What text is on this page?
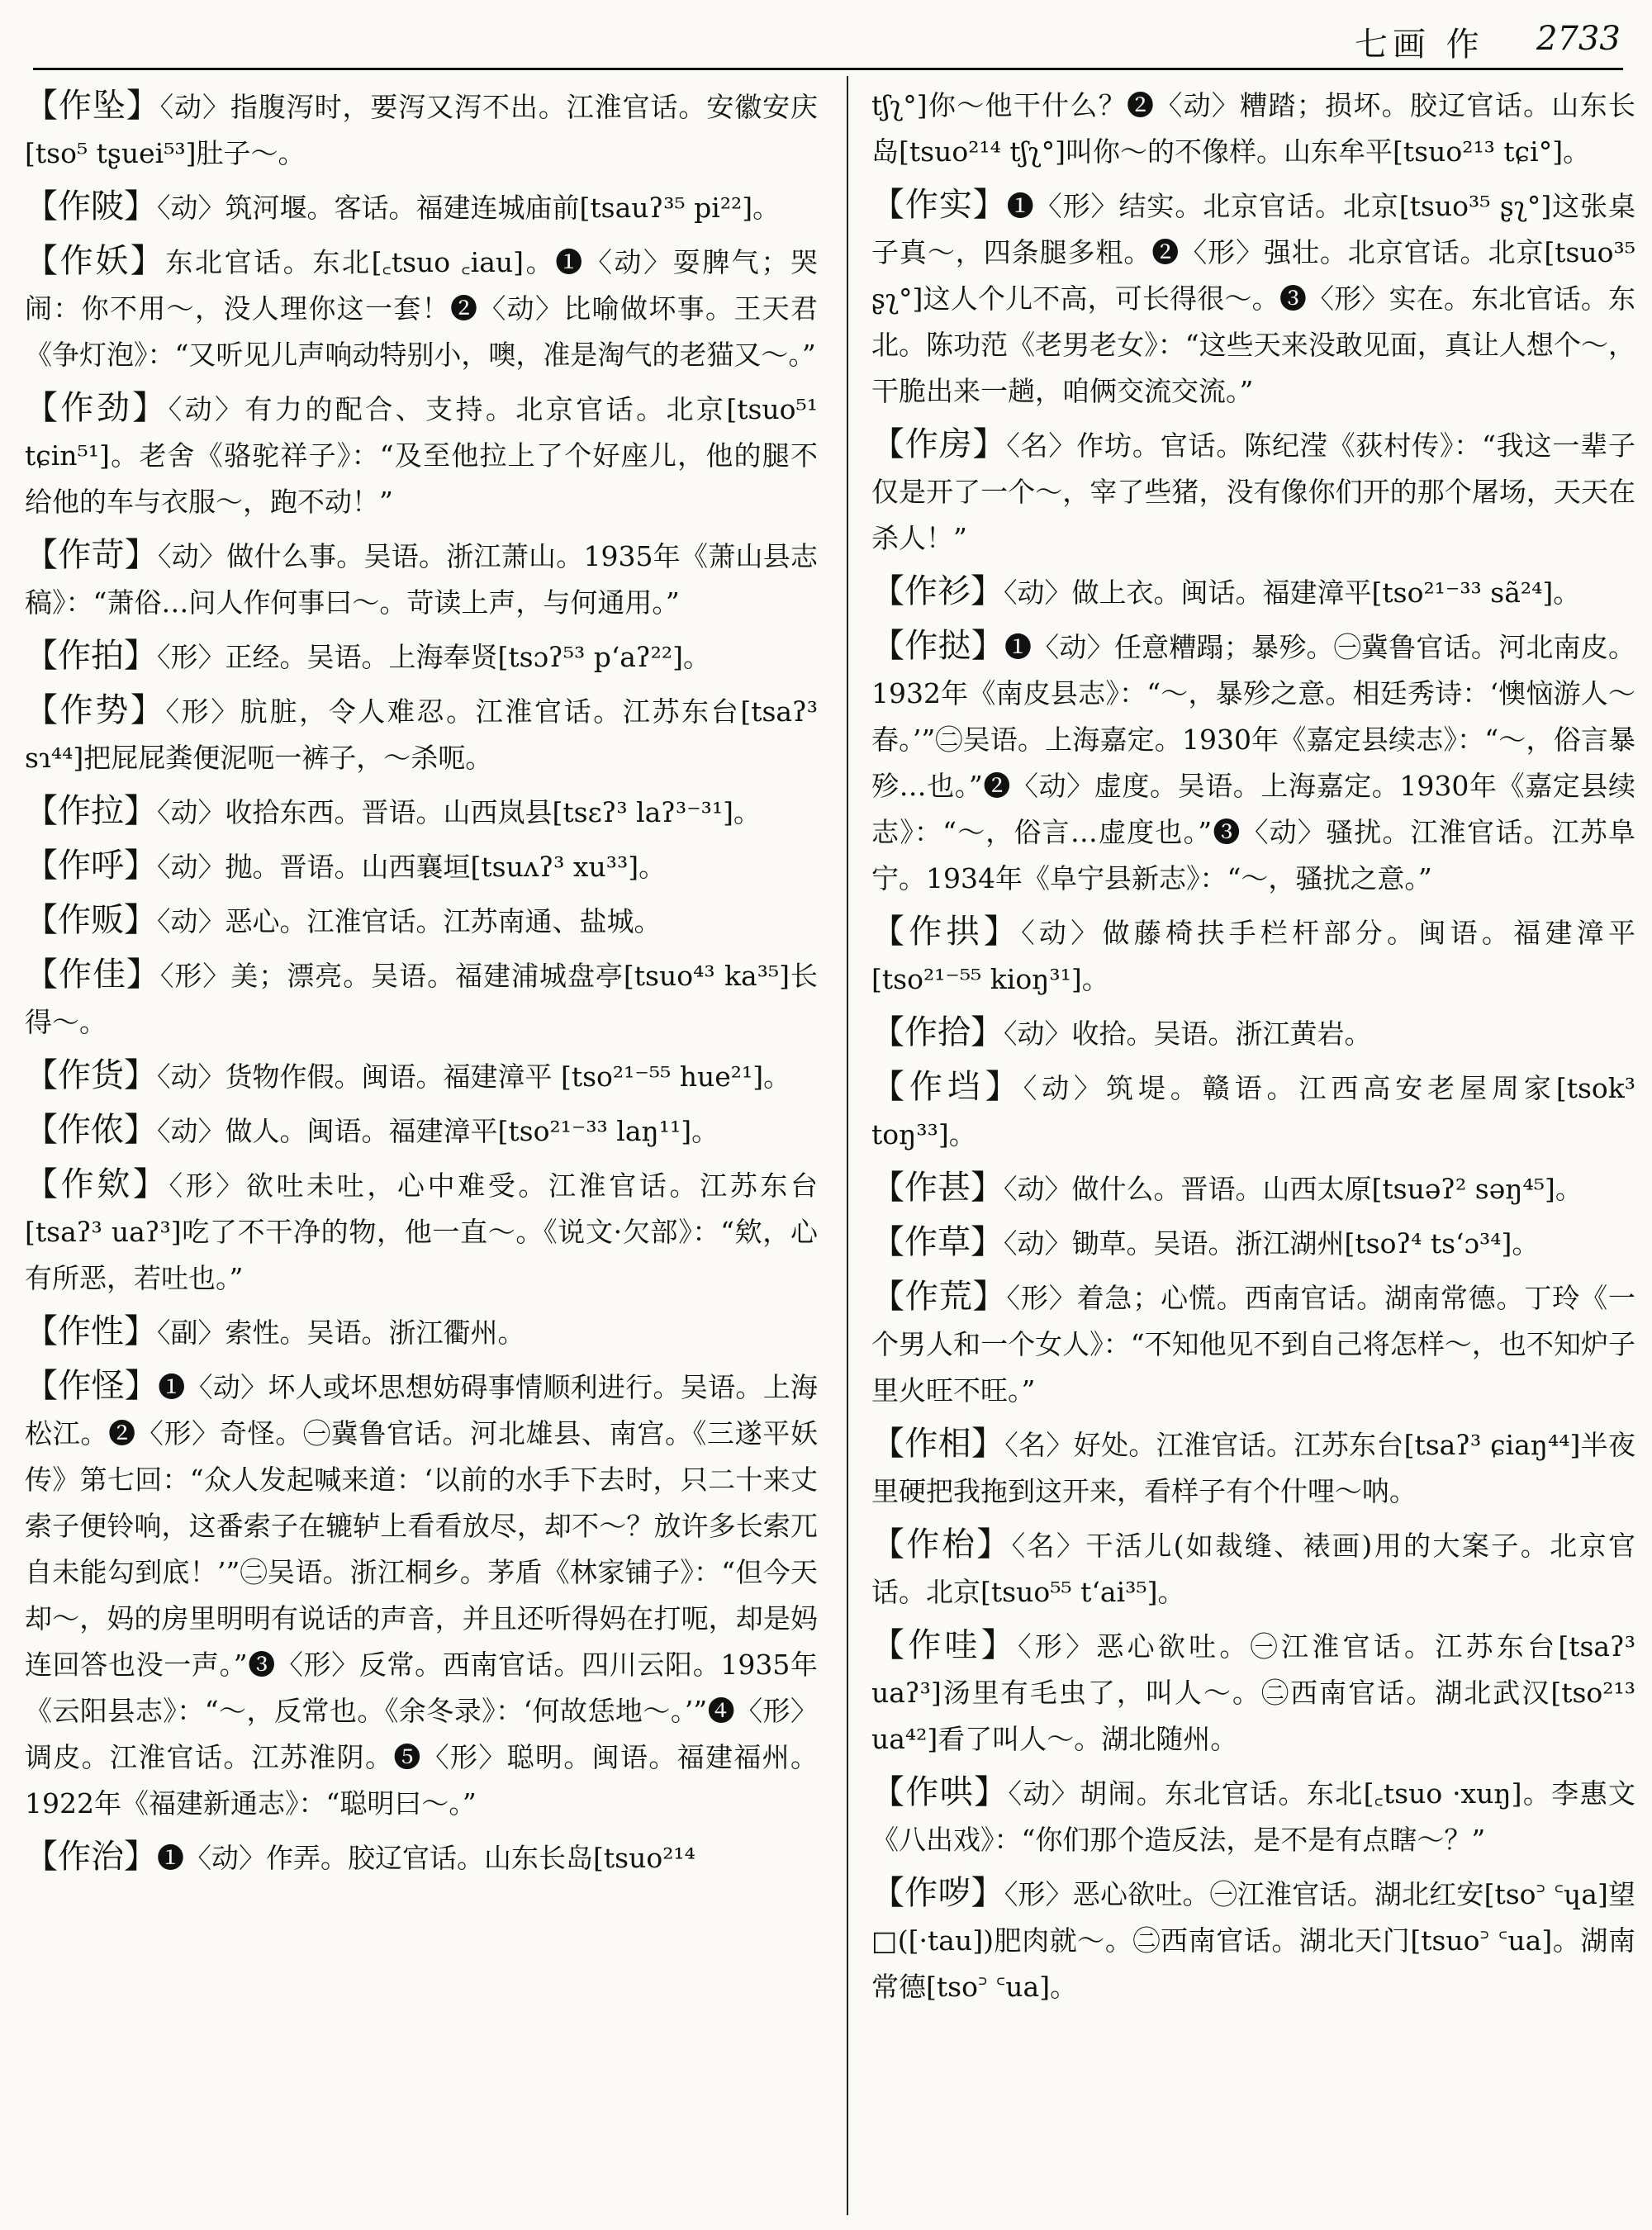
七画 作 2733
【作坠】〈动〉指腹泻时，要泻又泻不出。江淮官话。安徽安庆[tso⁵ tʂuei⁵³]肚子～。
【作陂】〈动〉筑河堰。客话。福建连城庙前[tsauʔ³⁵ pi²²]。
【作妖】东北官话。东北[꜀tsuo ꜀iau]。❶〈动〉耍脾气；哭闹：你不用～，没人理你这一套！❷〈动〉比喻做坏事。王天君《争灯泡》：“又听见儿声响动特别小，噢，准是淘气的老猫又～。”
【作劲】〈动〉有力的配合、支持。北京官话。北京[tsuo⁵¹ tɕin⁵¹]。老舍《骆驼祥子》：“及至他拉上了个好座儿，他的腿不给他的车与衣服～，跑不动！”
【作苛】〈动〉做什么事。吴语。浙江萧山。1935年《萧山县志稿》：“萧俗…问人作何事曰～。苛读上声，与何通用。”
【作拍】〈形〉正经。吴语。上海奉贤[tsɔʔ⁵³ pʻaʔ²²]。
【作势】〈形〉肮脏，令人难忍。江淮官话。江苏东台[tsaʔ³ sɿ⁴⁴]把屁屁粪便泥呃一裤子，～杀呃。
【作拉】〈动〉收拾东西。晋语。山西岚县[tsɛʔ³ laʔ³⁻³¹]。
【作呼】〈动〉抛。晋语。山西襄垣[tsuʌʔ³ xu³³]。
【作贩】〈动〉恶心。江淮官话。江苏南通、盐城。
【作佳】〈形〉美；漂亮。吴语。福建浦城盘亭[tsuo⁴³ ka³⁵]长得～。
【作货】〈动〉货物作假。闽语。福建漳平 [tso²¹⁻⁵⁵ hue²¹]。
【作侬】〈动〉做人。闽语。福建漳平[tso²¹⁻³³ laŋ¹¹]。
【作欸】〈形〉欲吐未吐，心中难受。江淮官话。江苏东台[tsaʔ³ uaʔ³]吃了不干净的物，他一直～。《说文·欠部》：“欸，心有所恶，若吐也。”
【作性】〈副〉索性。吴语。浙江衢州。
【作怪】❶〈动〉坏人或坏思想妨碍事情顺利进行。吴语。上海松江。❷〈形〉奇怪。㊀冀鲁官话。河北雄县、南宫。《三遂平妖传》第七回：“众人发起喊来道：‘以前的水手下去时，只二十来丈索子便铃响，这番索子在辘轳上看看放尽，却不～？放许多长索兀自未能勾到底！’”㊁吴语。浙江桐乡。茅盾《林家铺子》：“但今天却～，妈的房里明明有说话的声音，并且还听得妈在打呃，却是妈连回答也没一声。”❸〈形〉反常。西南官话。四川云阳。1935年《云阳县志》：“～，反常也。《余冬录》：‘何故恁地～。’”❹〈形〉调皮。江淮官话。江苏淮阴。❺〈形〉聪明。闽语。福建福州。1922年《福建新通志》：“聪明曰～。”
【作治】❶〈动〉作弄。胶辽官话。山东长岛[tsuo²¹⁴
tʃʅ°]你～他干什么？❷〈动〉糟踏；损坏。胶辽官话。山东长岛[tsuo²¹⁴ tʃʅ°]叫你～的不像样。山东牟平[tsuo²¹³ tɕi°]。
【作实】❶〈形〉结实。北京官话。北京[tsuo³⁵ ʂʅ°]这张桌子真～，四条腿多粗。❷〈形〉强壮。北京官话。北京[tsuo³⁵ ʂʅ°]这人个儿不高，可长得很～。❸〈形〉实在。东北官话。东北。陈功范《老男老女》：“这些天来没敢见面，真让人想个～，干脆出来一趟，咱俩交流交流。”
【作房】〈名〉作坊。官话。陈纪滢《荻村传》：“我这一辈子仅是开了一个～，宰了些猪，没有像你们开的那个屠场，天天在杀人！”
【作衫】〈动〉做上衣。闽话。福建漳平[tso²¹⁻³³ sã²⁴]。
【作挞】❶〈动〉任意糟蹋；暴殄。㊀冀鲁官话。河北南皮。1932年《南皮县志》：“～，暴殄之意。相廷秀诗：‘懊恼游人～春。’”㊁吴语。上海嘉定。1930年《嘉定县续志》：“～，俗言暴殄…也。”❷〈动〉虚度。吴语。上海嘉定。1930年《嘉定县续志》：“～，俗言…虚度也。”❸〈动〉骚扰。江淮官话。江苏阜宁。1934年《阜宁县新志》：“～，骚扰之意。”
【作拱】〈动〉做藤椅扶手栏杆部分。闽语。福建漳平[tso²¹⁻⁵⁵ kioŋ³¹]。
【作拾】〈动〉收拾。吴语。浙江黄岩。
【作垱】〈动〉筑堤。赣语。江西高安老屋周家[tsok³ toŋ³³]。
【作甚】〈动〉做什么。晋语。山西太原[tsuəʔ² səŋ⁴⁵]。
【作草】〈动〉锄草。吴语。浙江湖州[tsoʔ⁴ tsʻɔ³⁴]。
【作荒】〈形〉着急；心慌。西南官话。湖南常德。丁玲《一个男人和一个女人》：“不知他见不到自己将怎样～，也不知炉子里火旺不旺。”
【作相】〈名〉好处。江淮官话。江苏东台[tsaʔ³ ɕiaŋ⁴⁴]半夜里硬把我拖到这开来，看样子有个什哩～呐。
【作枱】〈名〉干活儿(如裁缝、裱画)用的大案子。北京官话。北京[tsuo⁵⁵ tʻai³⁵]。
【作哇】〈形〉恶心欲吐。㊀江淮官话。江苏东台[tsaʔ³ uaʔ³]汤里有毛虫了，叫人～。㊁西南官话。湖北武汉[tso²¹³ ua⁴²]看了叫人～。湖北随州。
【作哄】〈动〉胡闹。东北官话。东北[꜀tsuo ·xuŋ]。李惠文《八出戏》：“你们那个造反法，是不是有点瞎～？”
【作哕】〈形〉恶心欲吐。㊀江淮官话。湖北红安[tso꜄ ꜂ɥa]望□([·tau])肥肉就～。㊁西南官话。湖北天门[tsuo꜄ ꜂ua]。湖南常德[tso꜄ ꜂ua]。
